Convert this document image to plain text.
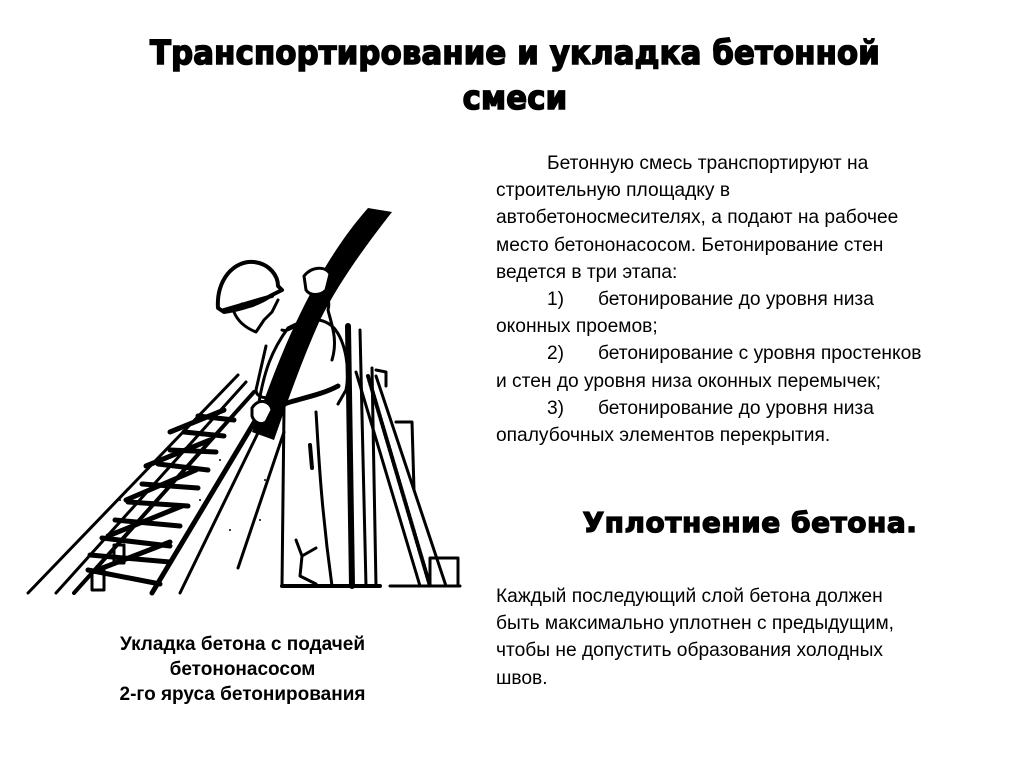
Транспортирование и укладка бетонной
смеси
Укладка бетона с подачей
бетононасосом
2-го яруса бетонирования
Бетонную смесь транспортируют на
строительную площадку в
автобетоносмесителях, а подают на рабочее
место бетононасосом. Бетонирование стен
ведется в три этапа:
1) бетонирование до уровня низа
оконных проемов;
2) бетонирование с уровня простенков
и стен до уровня низа оконных перемычек;
3) бетонирование до уровня низа
опалубочных элементов перекрытия.
Уплотнение бетона.
Каждый последующий слой бетона должен
быть максимально уплотнен с предыдущим,
чтобы не допустить образования холодных
швов.
